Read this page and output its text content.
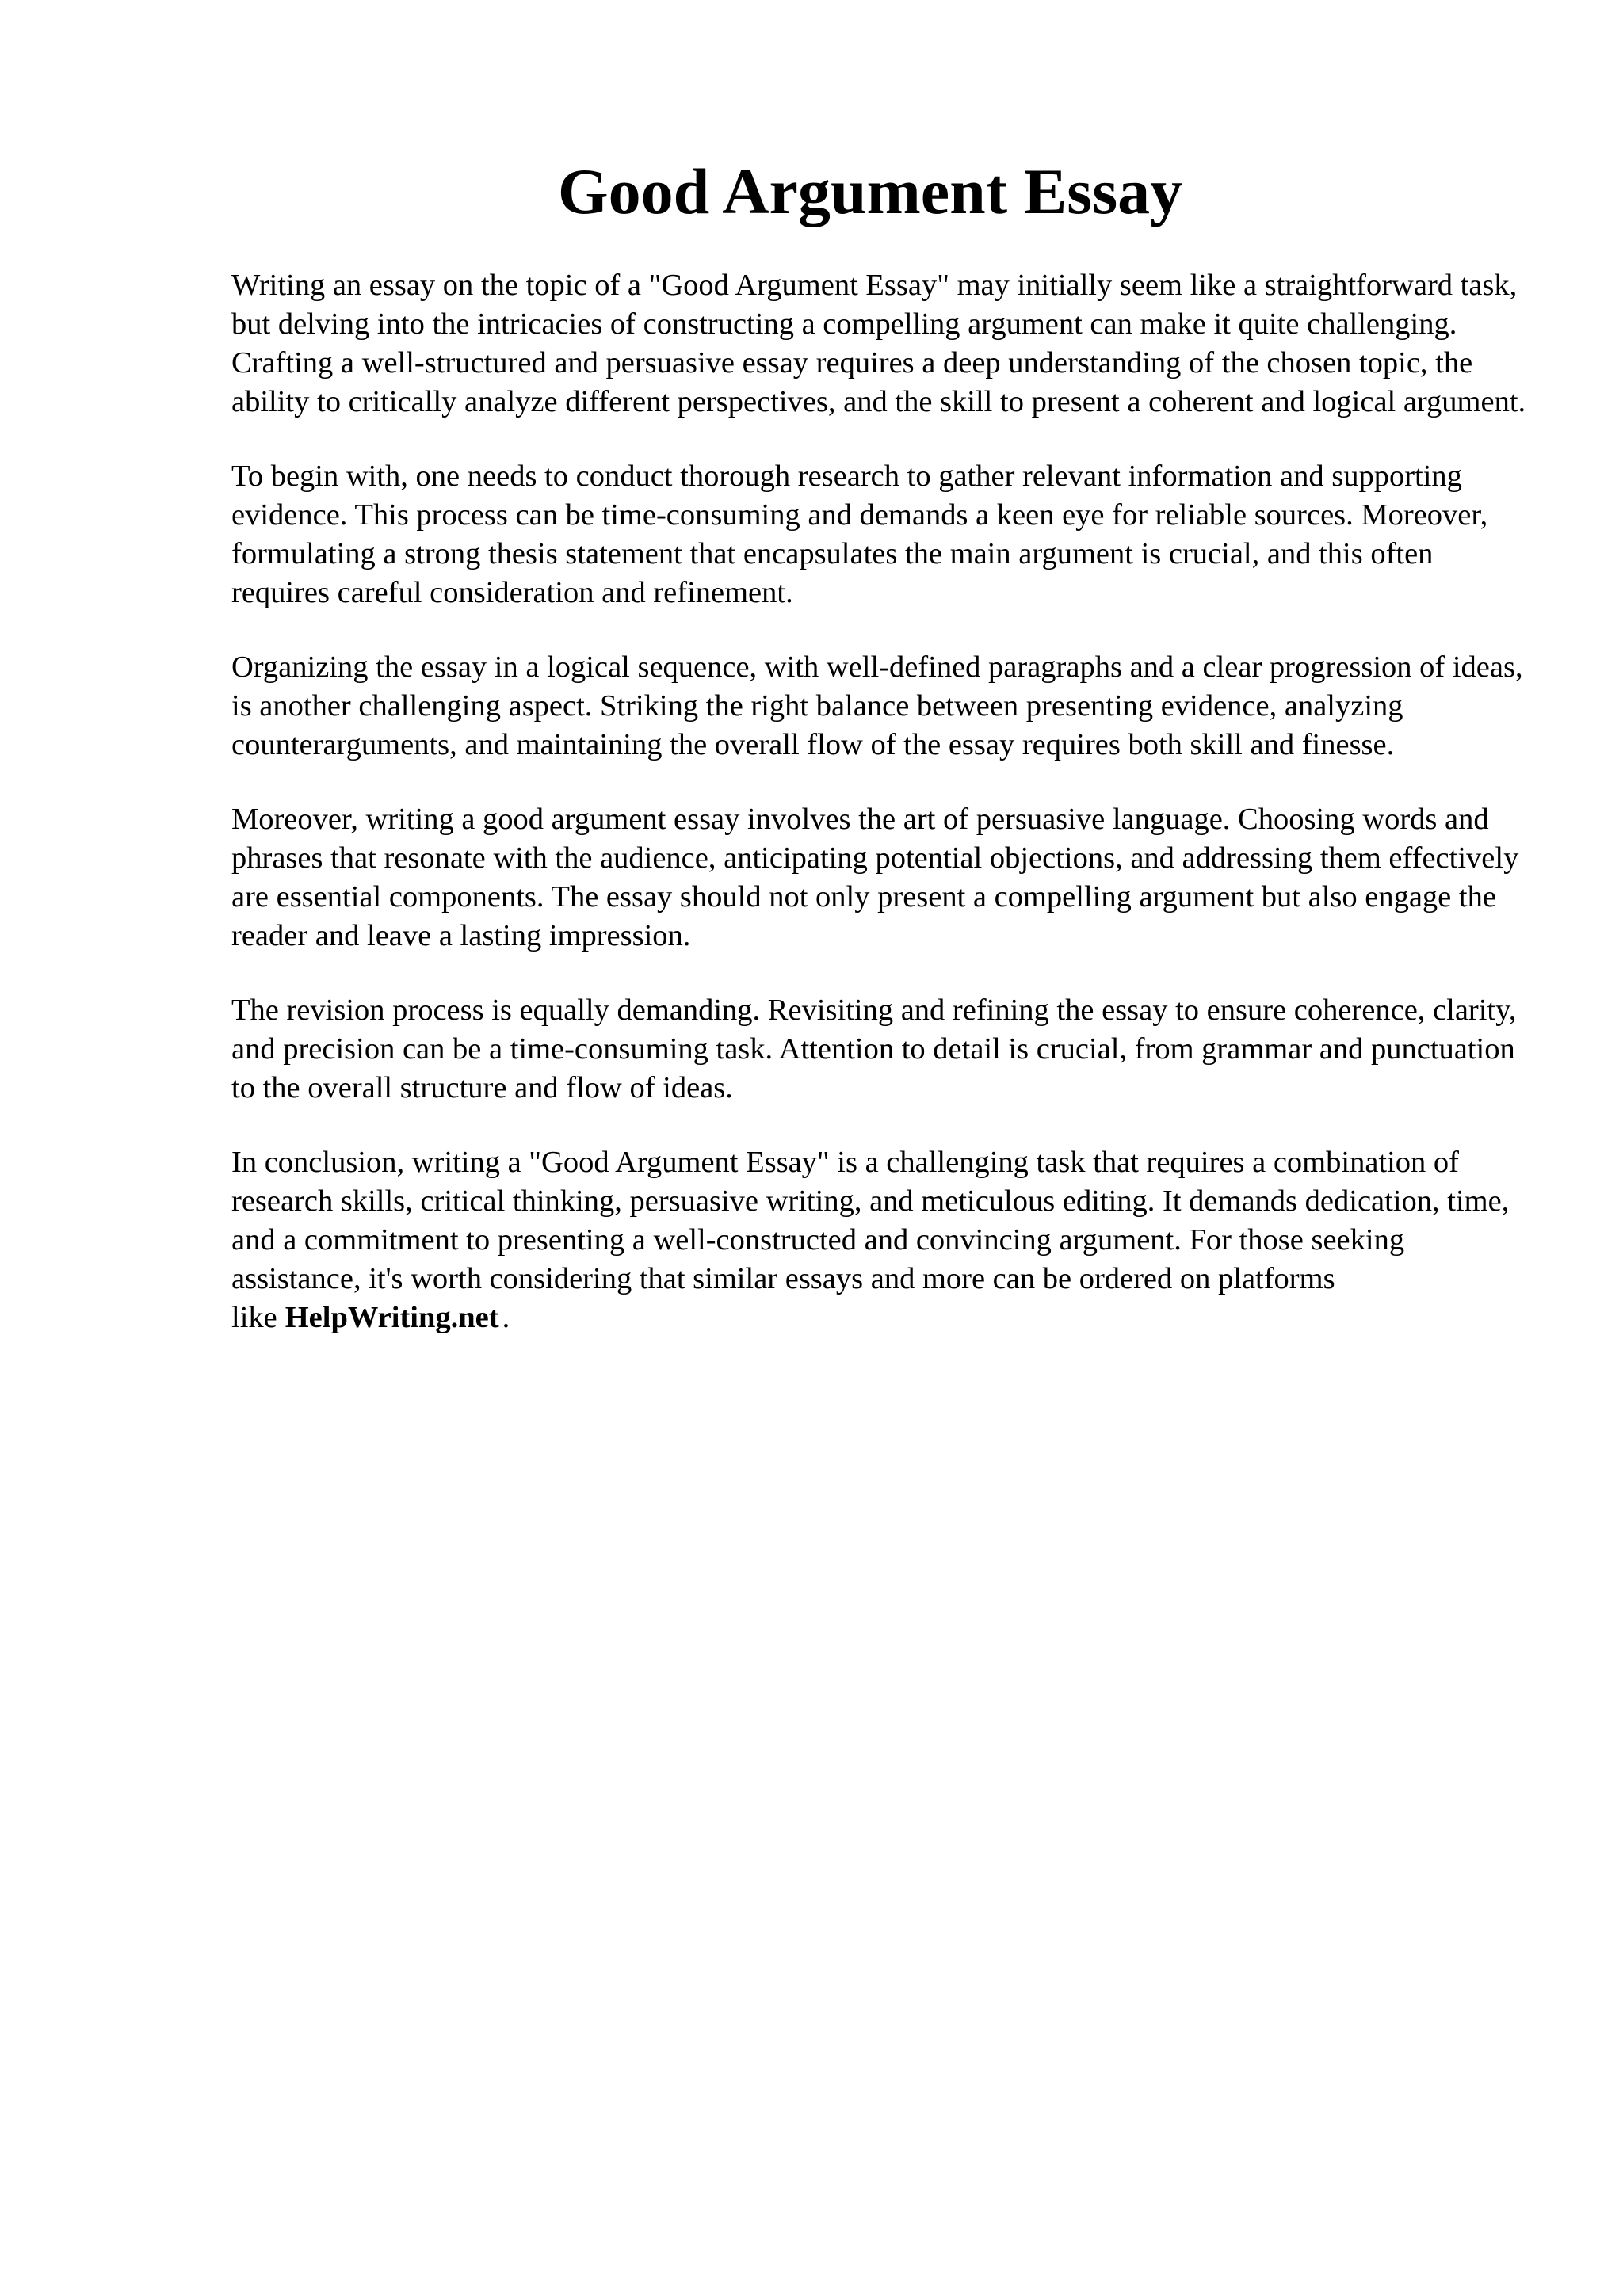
Good Argument Essay

Writing an essay on the topic of a "Good Argument Essay" may initially seem like a straightforward task, but delving into the intricacies of constructing a compelling argument can make it quite challenging. Crafting a well-structured and persuasive essay requires a deep understanding of the chosen topic, the ability to critically analyze different perspectives, and the skill to present a coherent and logical argument.

To begin with, one needs to conduct thorough research to gather relevant information and supporting evidence. This process can be time-consuming and demands a keen eye for reliable sources. Moreover, formulating a strong thesis statement that encapsulates the main argument is crucial, and this often requires careful consideration and refinement.

Organizing the essay in a logical sequence, with well-defined paragraphs and a clear progression of ideas, is another challenging aspect. Striking the right balance between presenting evidence, analyzing counterarguments, and maintaining the overall flow of the essay requires both skill and finesse.

Moreover, writing a good argument essay involves the art of persuasive language. Choosing words and phrases that resonate with the audience, anticipating potential objections, and addressing them effectively are essential components. The essay should not only present a compelling argument but also engage the reader and leave a lasting impression.

The revision process is equally demanding. Revisiting and refining the essay to ensure coherence, clarity, and precision can be a time-consuming task. Attention to detail is crucial, from grammar and punctuation to the overall structure and flow of ideas.

In conclusion, writing a "Good Argument Essay" is a challenging task that requires a combination of research skills, critical thinking, persuasive writing, and meticulous editing. It demands dedication, time, and a commitment to presenting a well-constructed and convincing argument. For those seeking assistance, it's worth considering that similar essays and more can be ordered on platforms like HelpWriting.net .
